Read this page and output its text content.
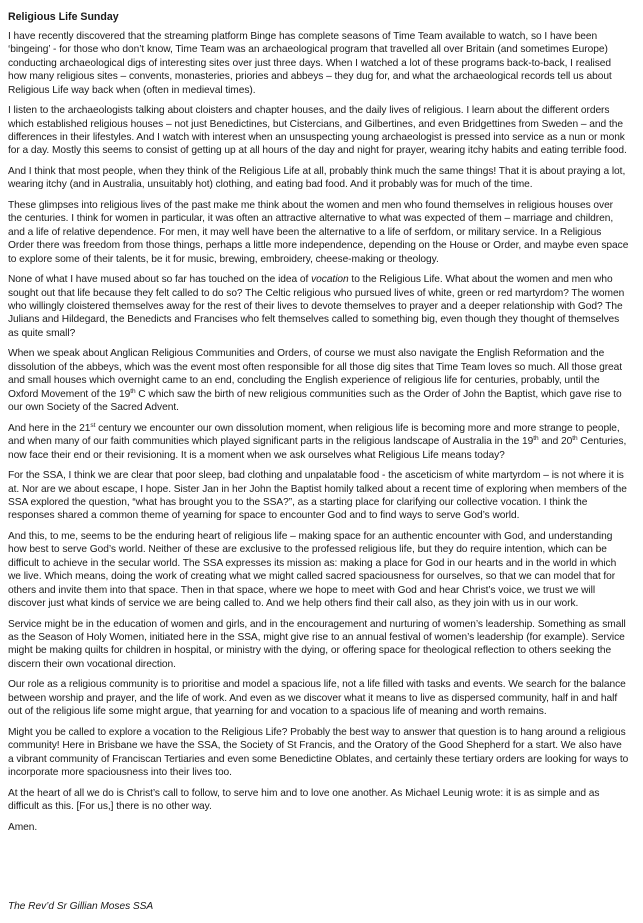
Religious Life Sunday

I have recently discovered that the streaming platform Binge has complete seasons of Time Team available to watch, so I have been ‘bingeing’ - for those who don’t know, Time Team was an archaeological program that travelled all over Britain (and sometimes Europe) conducting archaeological digs of interesting sites over just three days. When I watched a lot of these programs back-to-back, I realised how many religious sites – convents, monasteries, priories and abbeys – they dug for, and what the archaeological records tell us about Religious Life way back when (often in medieval times).

I listen to the archaeologists talking about cloisters and chapter houses, and the daily lives of religious. I learn about the different orders which established religious houses – not just Benedictines, but Cistercians, and Gilbertines, and even Bridgettines from Sweden – and the differences in their lifestyles. And I watch with interest when an unsuspecting young archaeologist is pressed into service as a nun or monk for a day. Mostly this seems to consist of getting up at all hours of the day and night for prayer, wearing itchy habits and eating terrible food.

And I think that most people, when they think of the Religious Life at all, probably think much the same things! That it is about praying a lot, wearing itchy (and in Australia, unsuitably hot) clothing, and eating bad food. And it probably was for much of the time.

These glimpses into religious lives of the past make me think about the women and men who found themselves in religious houses over the centuries. I think for women in particular, it was often an attractive alternative to what was expected of them – marriage and children, and a life of relative dependence. For men, it may well have been the alternative to a life of serfdom, or military service. In a Religious Order there was freedom from those things, perhaps a little more independence, depending on the House or Order, and maybe even space to explore some of their talents, be it for music, brewing, embroidery, cheese-making or theology.

None of what I have mused about so far has touched on the idea of vocation to the Religious Life. What about the women and men who sought out that life because they felt called to do so? The Celtic religious who pursued lives of white, green or red martyrdom? The women who willingly cloistered themselves away for the rest of their lives to devote themselves to prayer and a deeper relationship with God? The Julians and Hildegard, the Benedicts and Francises who felt themselves called to something big, even though they thought of themselves as quite small?

When we speak about Anglican Religious Communities and Orders, of course we must also navigate the English Reformation and the dissolution of the abbeys, which was the event most often responsible for all those dig sites that Time Team loves so much. All those great and small houses which overnight came to an end, concluding the English experience of religious life for centuries, probably, until the Oxford Movement of the 19th C which saw the birth of new religious communities such as the Order of John the Baptist, which gave rise to our own Society of the Sacred Advent.

And here in the 21st century we encounter our own dissolution moment, when religious life is becoming more and more strange to people, and when many of our faith communities which played significant parts in the religious landscape of Australia in the 19th and 20th Centuries, now face their end or their revisioning. It is a moment when we ask ourselves what Religious Life means today?

For the SSA, I think we are clear that poor sleep, bad clothing and unpalatable food - the asceticism of white martyrdom – is not where it is at. Nor are we about escape, I hope. Sister Jan in her John the Baptist homily talked about a recent time of exploring when members of the SSA explored the question, “what has brought you to the SSA?”, as a starting place for clarifying our collective vocation. I think the responses shared a common theme of yearning for space to encounter God and to find ways to serve God’s world.

And this, to me, seems to be the enduring heart of religious life – making space for an authentic encounter with God, and understanding how best to serve God’s world. Neither of these are exclusive to the professed religious life, but they do require intention, which can be difficult to achieve in the secular world. The SSA expresses its mission as: making a place for God in our hearts and in the world in which we live. Which means, doing the work of creating what we might called sacred spaciousness for ourselves, so that we can model that for others and invite them into that space. Then in that space, where we hope to meet with God and hear Christ’s voice, we trust we will discover just what kinds of service we are being called to. And we help others find their call also, as they join with us in our work.

Service might be in the education of women and girls, and in the encouragement and nurturing of women’s leadership. Something as small as the Season of Holy Women, initiated here in the SSA, might give rise to an annual festival of women’s leadership (for example). Service might be making quilts for children in hospital, or ministry with the dying, or offering space for theological reflection to others seeking the discern their own vocational direction.

Our role as a religious community is to prioritise and model a spacious life, not a life filled with tasks and events. We search for the balance between worship and prayer, and the life of work. And even as we discover what it means to live as dispersed community, half in and half out of the religious life some might argue, that yearning for and vocation to a spacious life of meaning and worth remains.

Might you be called to explore a vocation to the Religious Life? Probably the best way to answer that question is to hang around a religious community! Here in Brisbane we have the SSA, the Society of St Francis, and the Oratory of the Good Shepherd for a start. We also have a vibrant community of Franciscan Tertiaries and even some Benedictine Oblates, and certainly these tertiary orders are looking for ways to incorporate more spaciousness into their lives too.

At the heart of all we do is Christ’s call to follow, to serve him and to love one another. As Michael Leunig wrote: it is as simple and as difficult as this. [For us,] there is no other way.

Amen.

The Rev’d Sr Gillian Moses SSA
